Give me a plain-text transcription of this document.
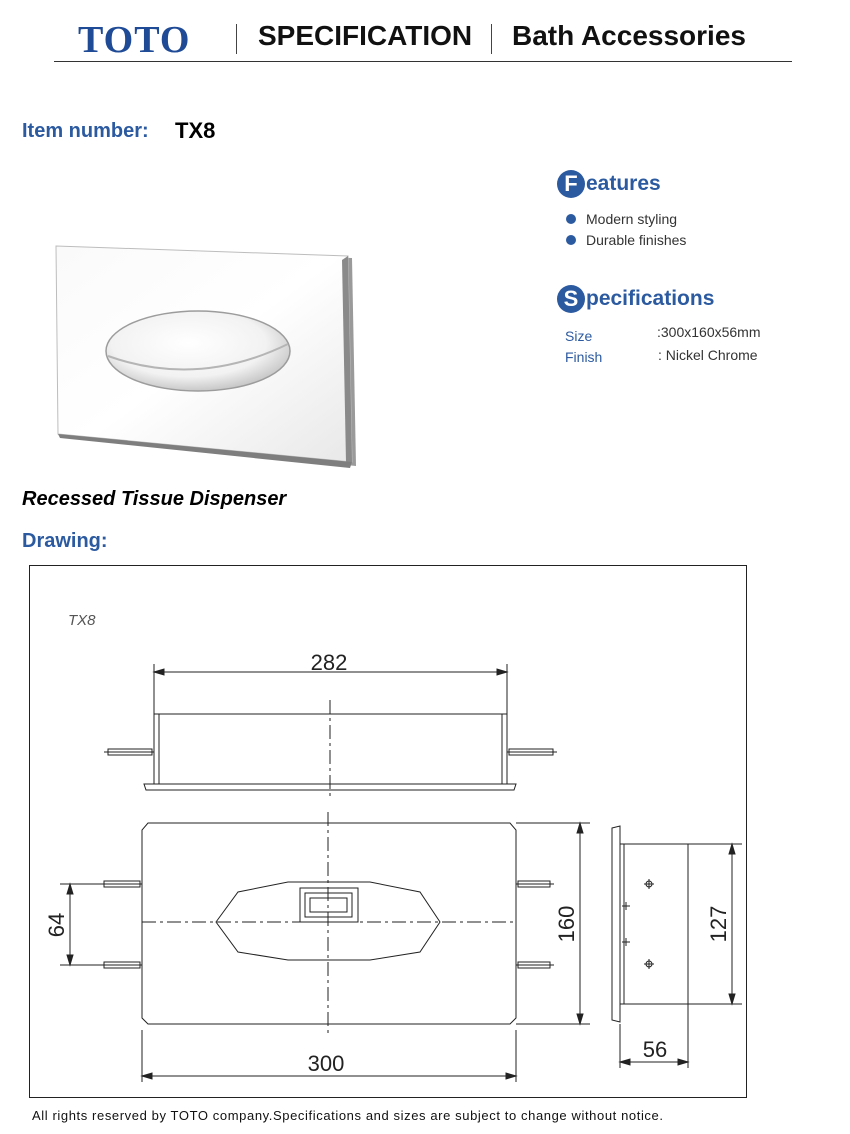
TOTO SPECIFICATION Bath Accessories
Item number: TX8
F eatures
Modern styling
Durable finishes
S pecifications
Size	:300x160x56mm
Finish	: Nickel Chrome
Recessed Tissue Dispenser
Drawing:
TX8
282
300
56
64	160	127
All rights reserved by TOTO company.Specifications and sizes are subject to change without notice.
